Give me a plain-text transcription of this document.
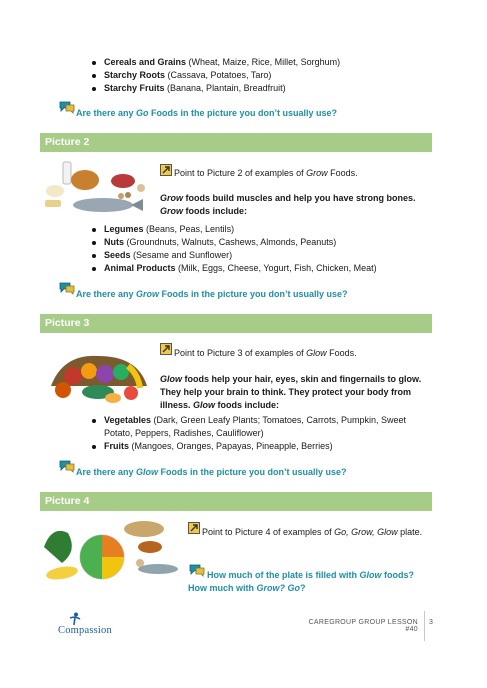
Cereals and Grains (Wheat, Maize, Rice, Millet, Sorghum)
Starchy Roots (Cassava, Potatoes, Taro)
Starchy Fruits (Banana, Plantain, Breadfruit)
Are there any Go Foods in the picture you don’t usually use?
Picture 2
Point to Picture 2 of examples of Grow Foods.
Grow foods build muscles and help you have strong bones. Grow foods include:
Legumes (Beans, Peas, Lentils)
Nuts (Groundnuts, Walnuts, Cashews, Almonds, Peanuts)
Seeds (Sesame and Sunflower)
Animal Products (Milk, Eggs, Cheese, Yogurt, Fish, Chicken, Meat)
Are there any Grow Foods in the picture you don’t usually use?
Picture 3
Point to Picture 3 of examples of Glow Foods.
Glow foods help your hair, eyes, skin and fingernails to glow. They help your brain to think. They protect your body from illness. Glow foods include:
Vegetables (Dark, Green Leafy Plants; Tomatoes, Carrots, Pumpkin, Sweet Potato, Peppers, Radishes, Cauliflower)
Fruits (Mangoes, Oranges, Papayas, Pineapple, Berries)
Are there any Glow Foods in the picture you don’t usually use?
Picture 4
Point to Picture 4 of examples of Go, Grow, Glow plate.
How much of the plate is filled with Glow foods? How much with Grow? Go?
Compassion
CAREGROUP GROUP LESSON #40
3
